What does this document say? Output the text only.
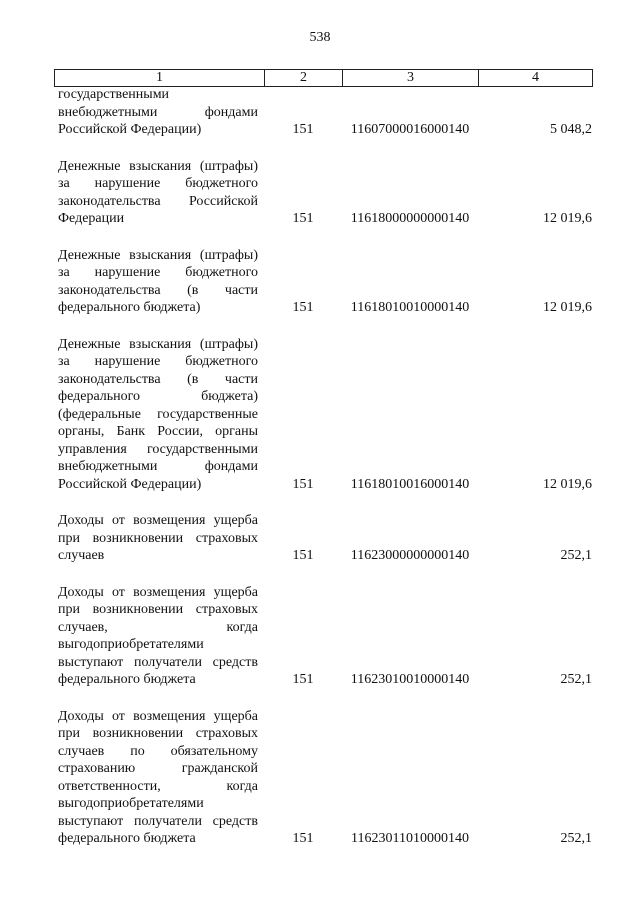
538
1	2	3	4
государственными внебюджетными фондами Российской Федерации)	151	11607000016000140	5 048,2
Денежные взыскания (штрафы) за нарушение бюджетного законодательства Российской Федерации	151	11618000000000140	12 019,6
Денежные взыскания (штрафы) за нарушение бюджетного законодательства (в части федерального бюджета)	151	11618010010000140	12 019,6
Денежные взыскания (штрафы) за нарушение бюджетного законодательства (в части федерального бюджета) (федеральные государственные органы, Банк России, органы управления государственными внебюджетными фондами Российской Федерации)	151	11618010016000140	12 019,6
Доходы от возмещения ущерба при возникновении страховых случаев	151	11623000000000140	252,1
Доходы от возмещения ущерба при возникновении страховых случаев, когда выгодоприобретателями выступают получатели средств федерального бюджета	151	11623010010000140	252,1
Доходы от возмещения ущерба при возникновении страховых случаев по обязательному страхованию гражданской ответственности, когда выгодоприобретателями выступают получатели средств федерального бюджета	151	11623011010000140	252,1
